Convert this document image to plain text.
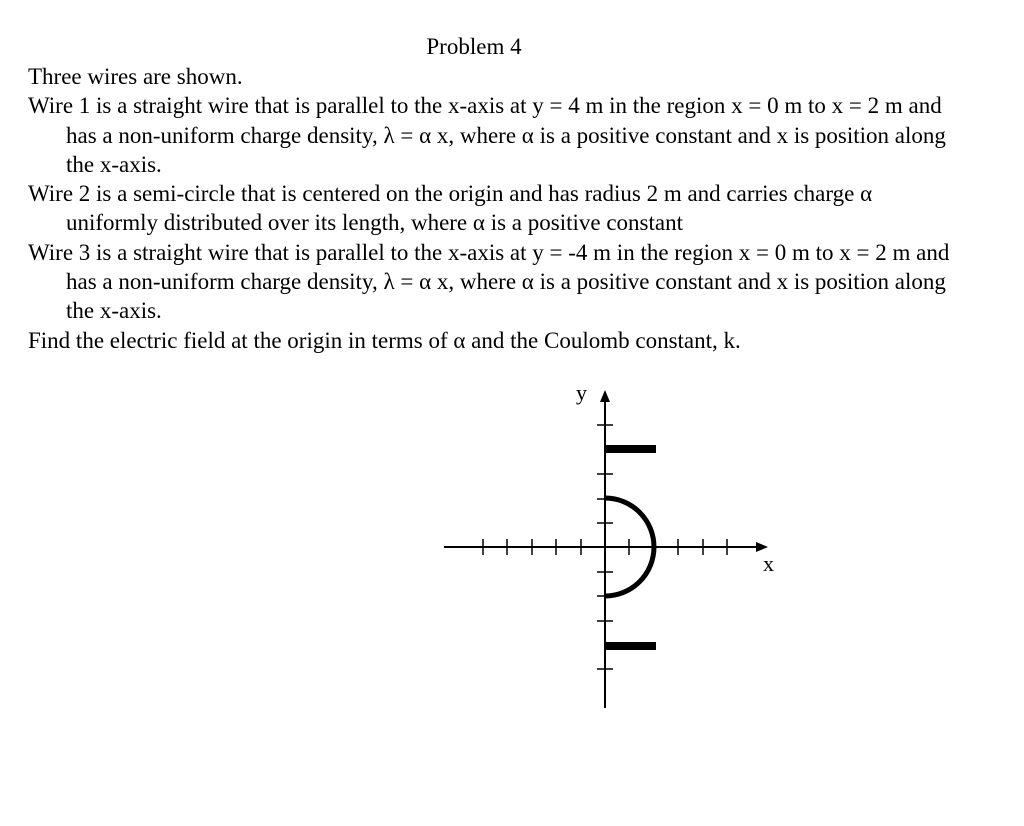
Problem 4

Three wires are shown.

Wire 1 is a straight wire that is parallel to the x-axis at y = 4 m in the region x = 0 m to x = 2 m and has a non-uniform charge density, λ = α x, where α is a positive constant and x is position along the x-axis.

Wire 2 is a semi-circle that is centered on the origin and has radius 2 m and carries charge α uniformly distributed over its length, where α is a positive constant

Wire 3 is a straight wire that is parallel to the x-axis at y = -4 m in the region x = 0 m to x = 2 m and has a non-uniform charge density, λ = α x, where α is a positive constant and x is position along the x-axis.

Find the electric field at the origin in terms of α and the Coulomb constant, k.

x
y
